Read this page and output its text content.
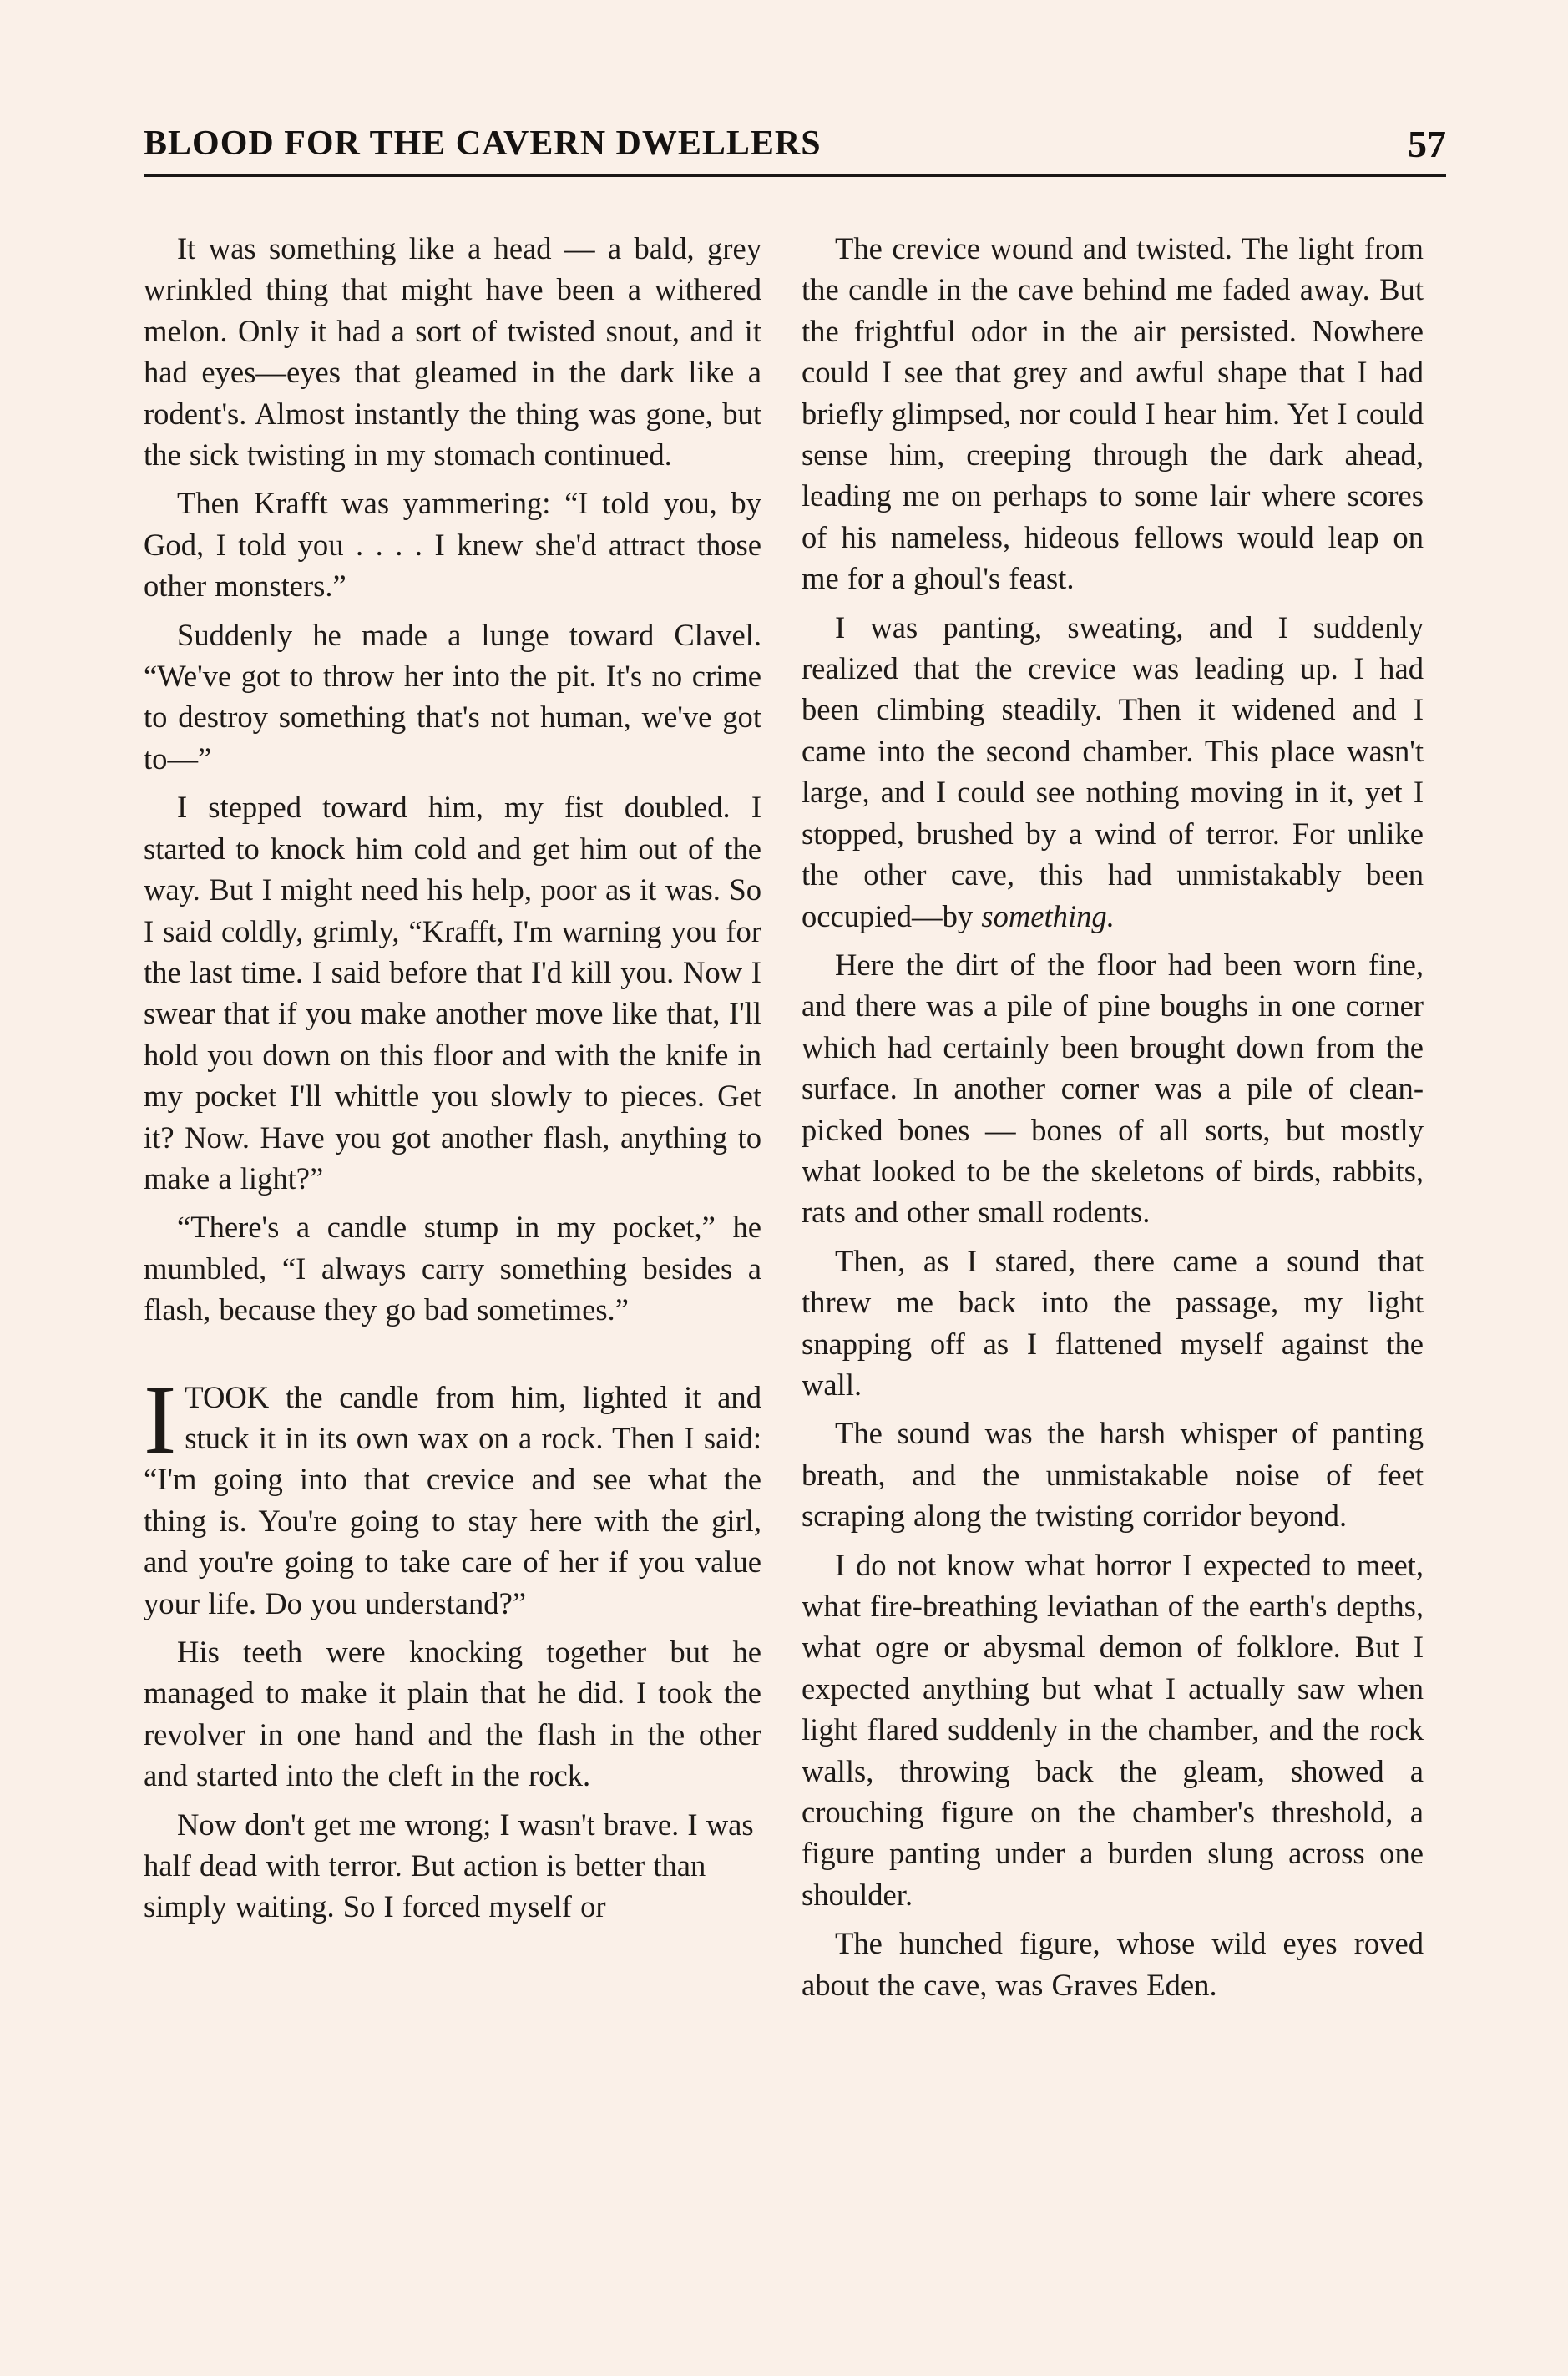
BLOOD FOR THE CAVERN DWELLERS	57

It was something like a head — a bald, grey wrinkled thing that might have been a withered melon. Only it had a sort of twisted snout, and it had eyes—eyes that gleamed in the dark like a rodent's. Almost instantly the thing was gone, but the sick twisting in my stomach continued.

Then Krafft was yammering: “I told you, by God, I told you . . . . I knew she'd attract those other monsters.”

Suddenly he made a lunge toward Clavel. “We've got to throw her into the pit. It's no crime to destroy something that's not human, we've got to—”

I stepped toward him, my fist doubled. I started to knock him cold and get him out of the way. But I might need his help, poor as it was. So I said coldly, grimly, “Krafft, I'm warning you for the last time. I said before that I'd kill you. Now I swear that if you make another move like that, I'll hold you down on this floor and with the knife in my pocket I'll whittle you slowly to pieces. Get it? Now. Have you got another flash, anything to make a light?”

“There's a candle stump in my pocket,” he mumbled, “I always carry something besides a flash, because they go bad sometimes.”

ITOOK the candle from him, lighted it and stuck it in its own wax on a rock. Then I said: “I'm going into that crevice and see what the thing is. You're going to stay here with the girl, and you're going to take care of her if you value your life. Do you understand?”

His teeth were knocking together but he managed to make it plain that he did. I took the revolver in one hand and the flash in the other and started into the cleft in the rock.

Now don't get me wrong; I wasn't brave. I was half dead with terror. But action is better than simply waiting. So I forced myself or

The crevice wound and twisted. The light from the candle in the cave behind me faded away. But the frightful odor in the air persisted. Nowhere could I see that grey and awful shape that I had briefly glimpsed, nor could I hear him. Yet I could sense him, creeping through the dark ahead, leading me on perhaps to some lair where scores of his nameless, hideous fellows would leap on me for a ghoul's feast.

I was panting, sweating, and I suddenly realized that the crevice was leading up. I had been climbing steadily. Then it widened and I came into the second chamber. This place wasn't large, and I could see nothing moving in it, yet I stopped, brushed by a wind of terror. For unlike the other cave, this had unmistakably been occupied—by something.

Here the dirt of the floor had been worn fine, and there was a pile of pine boughs in one corner which had certainly been brought down from the surface. In another corner was a pile of clean-picked bones — bones of all sorts, but mostly what looked to be the skeletons of birds, rabbits, rats and other small rodents.

Then, as I stared, there came a sound that threw me back into the passage, my light snapping off as I flattened myself against the wall.

The sound was the harsh whisper of panting breath, and the unmistakable noise of feet scraping along the twisting corridor beyond.

I do not know what horror I expected to meet, what fire-breathing leviathan of the earth's depths, what ogre or abysmal demon of folklore. But I expected anything but what I actually saw when light flared suddenly in the chamber, and the rock walls, throwing back the gleam, showed a crouching figure on the chamber's threshold, a figure panting under a burden slung across one shoulder.

The hunched figure, whose wild eyes roved about the cave, was Graves Eden.
